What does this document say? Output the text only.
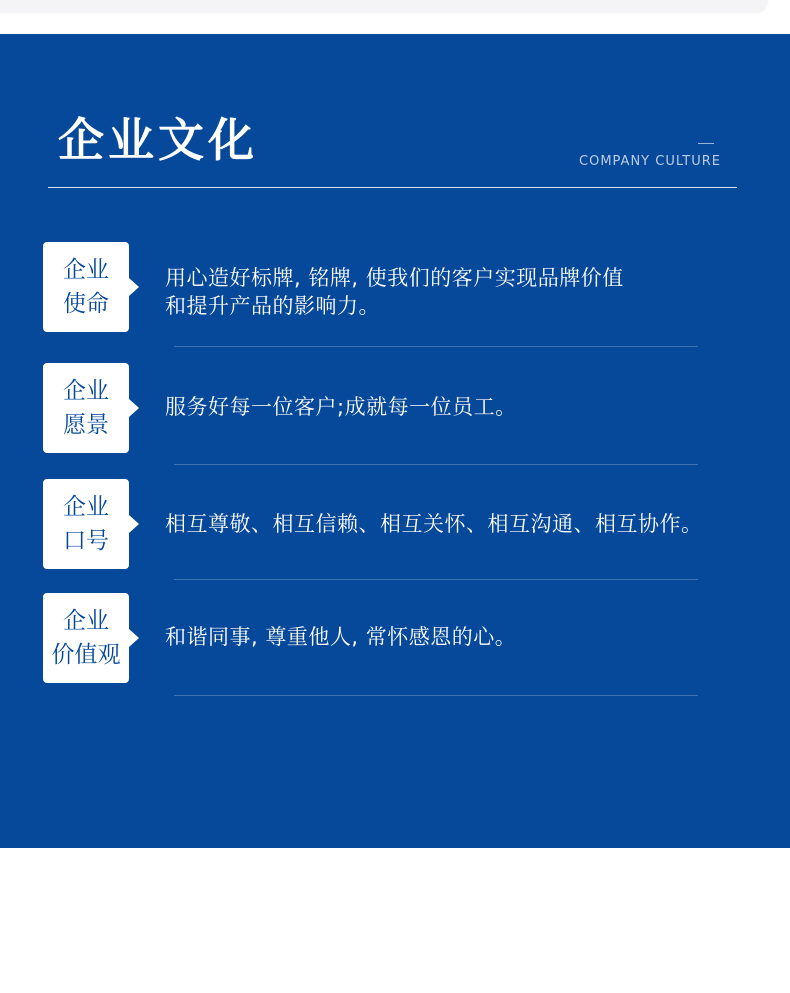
企业文化	COMPANY CULTURE
企业
使命
用心造好标牌, 铭牌, 使我们的客户实现品牌价值
和提升产品的影响力。
企业
愿景
服务好每一位客户;成就每一位员工。
企业
口号
相互尊敬、相互信赖、相互关怀、相互沟通、相互协作。
企业
价值观
和谐同事, 尊重他人, 常怀感恩的心。
